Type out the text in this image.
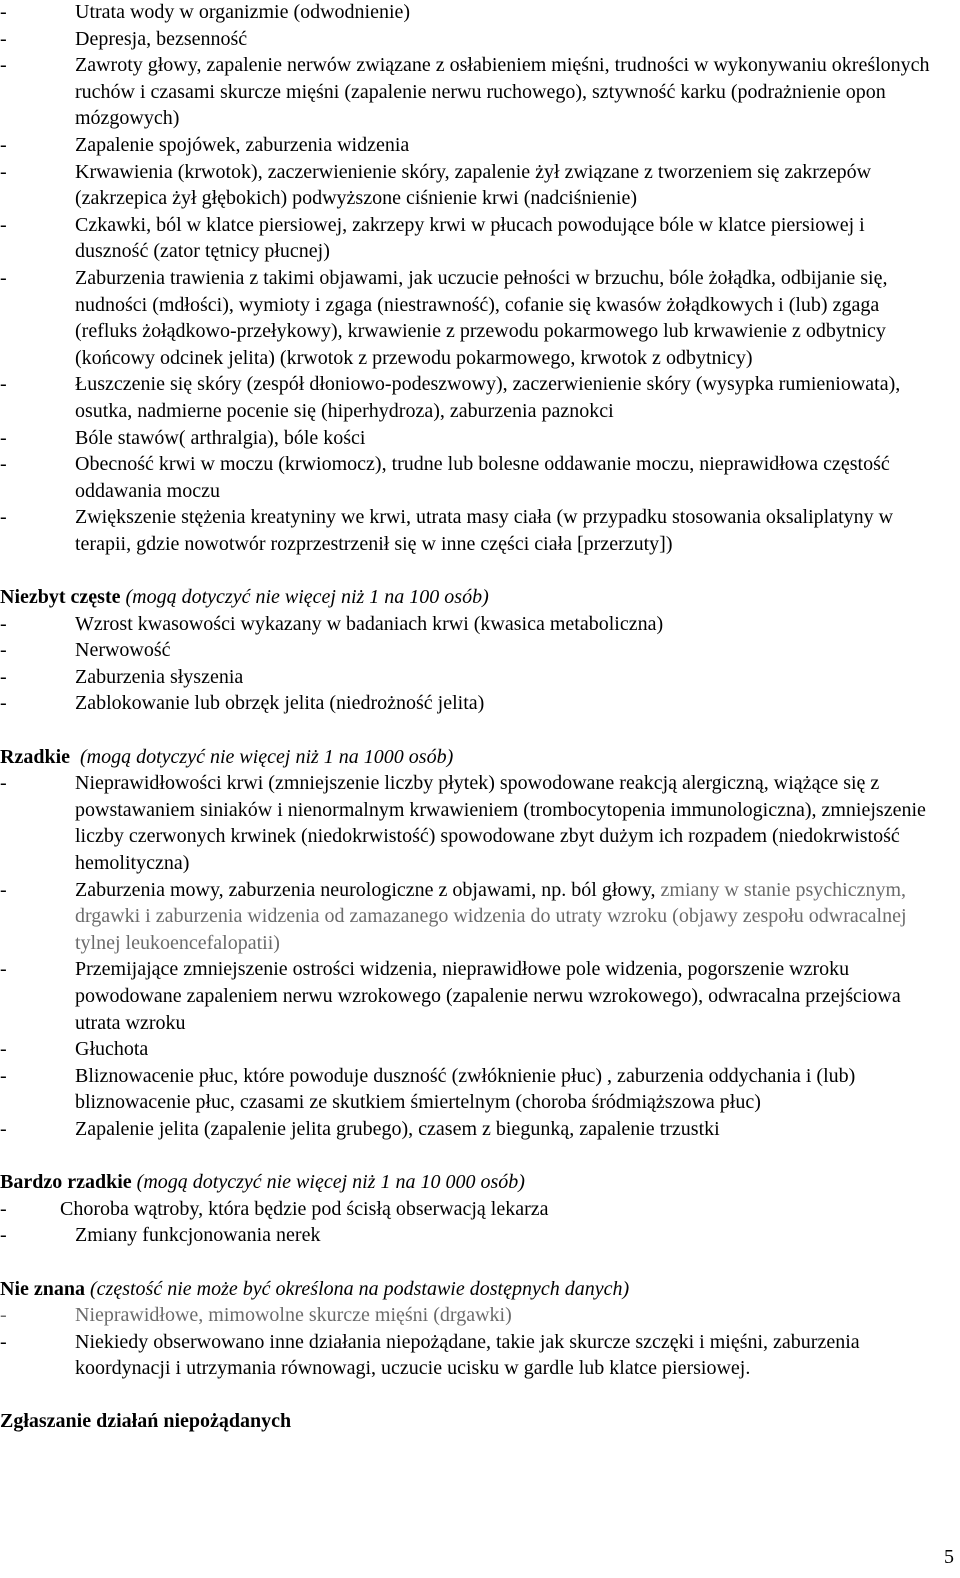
-	Utrata wody w organizmie (odwodnienie)
-	Depresja, bezsenność
-	Zawroty głowy, zapalenie nerwów związane z osłabieniem mięśni, trudności w wykonywaniu określonych ruchów i czasami skurcze mięśni (zapalenie nerwu ruchowego), sztywność karku (podrażnienie opon mózgowych)
-	Zapalenie spojówek, zaburzenia widzenia
-	Krwawienia (krwotok), zaczerwienienie skóry, zapalenie żył związane z tworzeniem się zakrzepów (zakrzepica żył głębokich) podwyższone ciśnienie krwi (nadciśnienie)
-	Czkawki, ból w klatce piersiowej, zakrzepy krwi w płucach powodujące bóle w klatce piersiowej i duszność (zator tętnicy płucnej)
-	Zaburzenia trawienia z takimi objawami, jak uczucie pełności w brzuchu, bóle żołądka, odbijanie się, nudności (mdłości), wymioty i zgaga (niestrawność), cofanie się kwasów żołądkowych i (lub) zgaga (refluks żołądkowo-przełykowy), krwawienie z przewodu pokarmowego lub krwawienie z odbytnicy (końcowy odcinek jelita) (krwotok z przewodu pokarmowego, krwotok z odbytnicy)
-	Łuszczenie się skóry (zespół dłoniowo-podeszwowy), zaczerwienienie skóry (wysypka rumieniowata), osutka, nadmierne pocenie się (hiperhydroza), zaburzenia paznokci
-	Bóle stawów( arthralgia), bóle kości
-	Obecność krwi w moczu (krwiomocz), trudne lub bolesne oddawanie moczu, nieprawidłowa częstość oddawania moczu
-	Zwiększenie stężenia kreatyniny we krwi, utrata masy ciała (w przypadku stosowania oksaliplatyny w terapii, gdzie nowotwór rozprzestrzenił się w inne części ciała [przerzuty])
Niezbyt częste (mogą dotyczyć nie więcej niż 1 na 100 osób)
-	Wzrost kwasowości wykazany w badaniach krwi (kwasica metaboliczna)
-	Nerwowość
-	Zaburzenia słyszenia
-	Zablokowanie lub obrzęk jelita (niedrożność jelita)
Rzadkie (mogą dotyczyć nie więcej niż 1 na 1000 osób)
-	Nieprawidłowości krwi (zmniejszenie liczby płytek) spowodowane reakcją alergiczną, wiążące się z powstawaniem siniaków i nienormalnym krwawieniem (trombocytopenia immunologiczna), zmniejszenie liczby czerwonych krwinek (niedokrwistość) spowodowane zbyt dużym ich rozpadem (niedokrwistość hemolityczna)
-	Zaburzenia mowy, zaburzenia neurologiczne z objawami, np. ból głowy, zmiany w stanie psychicznym, drgawki i zaburzenia widzenia od zamazanego widzenia do utraty wzroku (objawy zespołu odwracalnej tylnej leukoencefalopatii)
-	Przemijające zmniejszenie ostrości widzenia, nieprawidłowe pole widzenia, pogorszenie wzroku powodowane zapaleniem nerwu wzrokowego (zapalenie nerwu wzrokowego), odwracalna przejściowa utrata wzroku
-	Głuchota
-	Bliznowacenie płuc, które powoduje duszność (zwłóknienie płuc) , zaburzenia oddychania i (lub) bliznowacenie płuc, czasami ze skutkiem śmiertelnym (choroba śródmiąższowa płuc)
-	Zapalenie jelita (zapalenie jelita grubego), czasem z biegunką, zapalenie trzustki
Bardzo rzadkie (mogą dotyczyć nie więcej niż 1 na 10 000 osób)
-	Choroba wątroby, która będzie pod ścisłą obserwacją lekarza
-	Zmiany funkcjonowania nerek
Nie znana (częstość nie może być określona na podstawie dostępnych danych)
-	Nieprawidłowe, mimowolne skurcze mięśni (drgawki)
-	Niekiedy obserwowano inne działania niepożądane, takie jak skurcze szczęki i mięśni, zaburzenia koordynacji i utrzymania równowagi, uczucie ucisku w gardle lub klatce piersiowej.
Zgłaszanie działań niepożądanych
5
